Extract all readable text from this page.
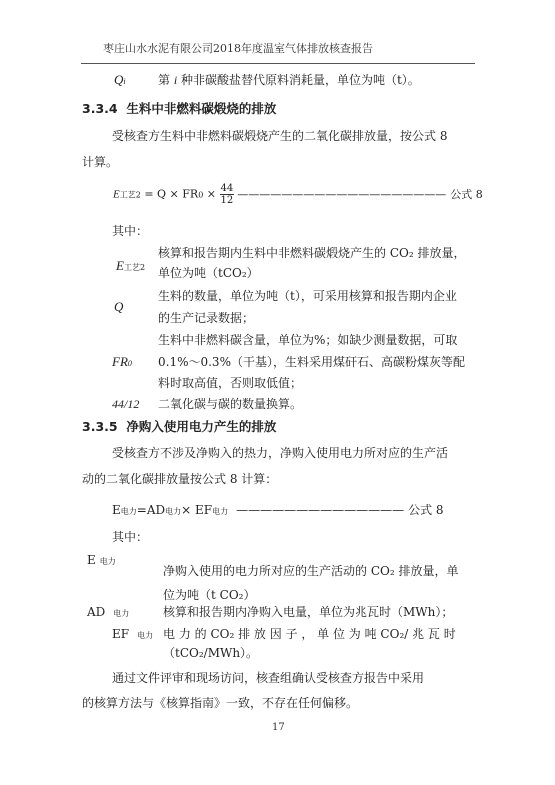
枣庄山水水泥有限公司2018年度温室气体排放核查报告
Qi	第 i 种非碳酸盐替代原料消耗量，单位为吨（t）。
3.3.4 生料中非燃料碳煅烧的排放
受核查方生料中非燃料碳煅烧产生的二氧化碳排放量，按公式 8
计算。
E工艺$2 = Q \times FR0 \times \frac{44}{12}$ ——————————————————— 公式 8
其中：
E工艺2
核算和报告期内生料中非燃料碳煅烧产生的 CO₂ 排放量，
单位为吨（tCO₂）
Q
生料的数量，单位为吨（t），可采用核算和报告期内企业
的生产记录数据；
FR0
生料中非燃料碳含量，单位为%；如缺少测量数据，可取
0.1%～0.3%（干基），生料采用煤矸石、高碳粉煤灰等配
料时取高值，否则取低值；
44/12 二氧化碳与碳的数量换算。
3.3.5 净购入使用电力产生的排放
受核查方不涉及净购入的热力，净购入使用电力所对应的生产活
动的二氧化碳排放量按公式 8 计算：
E电力=AD电力× EF电力 —————————————— 公式 8
其中：
E电力
净购入使用的电力所对应的生产活动的 CO₂ 排放量，单
位为吨（t CO₂）
AD 电力	核算和报告期内净购入电量，单位为兆瓦时（MWh）；
EF 电力 电 力 的 CO₂ 排 放 因 子 ， 单 位 为 吨 CO₂/ 兆 瓦 时
（tCO₂/MWh）。
通过文件评审和现场访问，核查组确认受核查方报告中采用
的核算方法与《核算指南》一致，不存在任何偏移。
17
